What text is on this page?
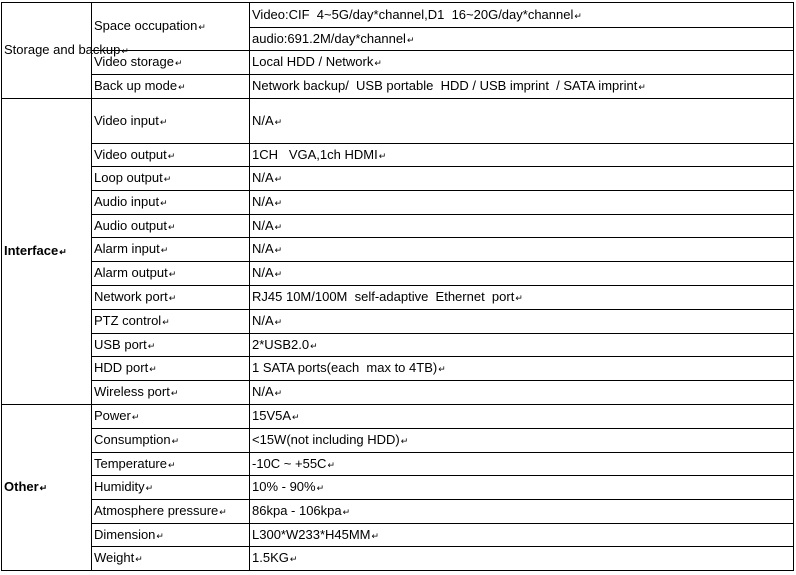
Storage and backup↵	Space occupation↵	Video:CIF  4~5G/day*channel,D1  16~20G/day*channel↵
		audio:691.2M/day*channel↵
	Video storage↵	Local HDD / Network↵
	Back up mode↵	Network backup/  USB portable  HDD / USB imprint  / SATA imprint↵
Interface↵	Video input↵	N/A↵
	Video output↵	1CH   VGA,1ch HDMI↵
	Loop output↵	N/A↵
	Audio input↵	N/A↵
	Audio output↵	N/A↵
	Alarm input↵	N/A↵
	Alarm output↵	N/A↵
	Network port↵	RJ45 10M/100M  self-adaptive  Ethernet  port↵
	PTZ control↵	N/A↵
	USB port↵	2*USB2.0↵
	HDD port↵	1 SATA ports(each  max to 4TB)↵
	Wireless port↵	N/A↵
Other↵	Power↵	15V5A↵
	Consumption↵	<15W(not including HDD)↵
	Temperature↵	-10C ~ +55C↵
	Humidity↵	10% - 90%↵
	Atmosphere pressure↵	86kpa - 106kpa↵
	Dimension↵	L300*W233*H45MM↵
	Weight↵	1.5KG↵
